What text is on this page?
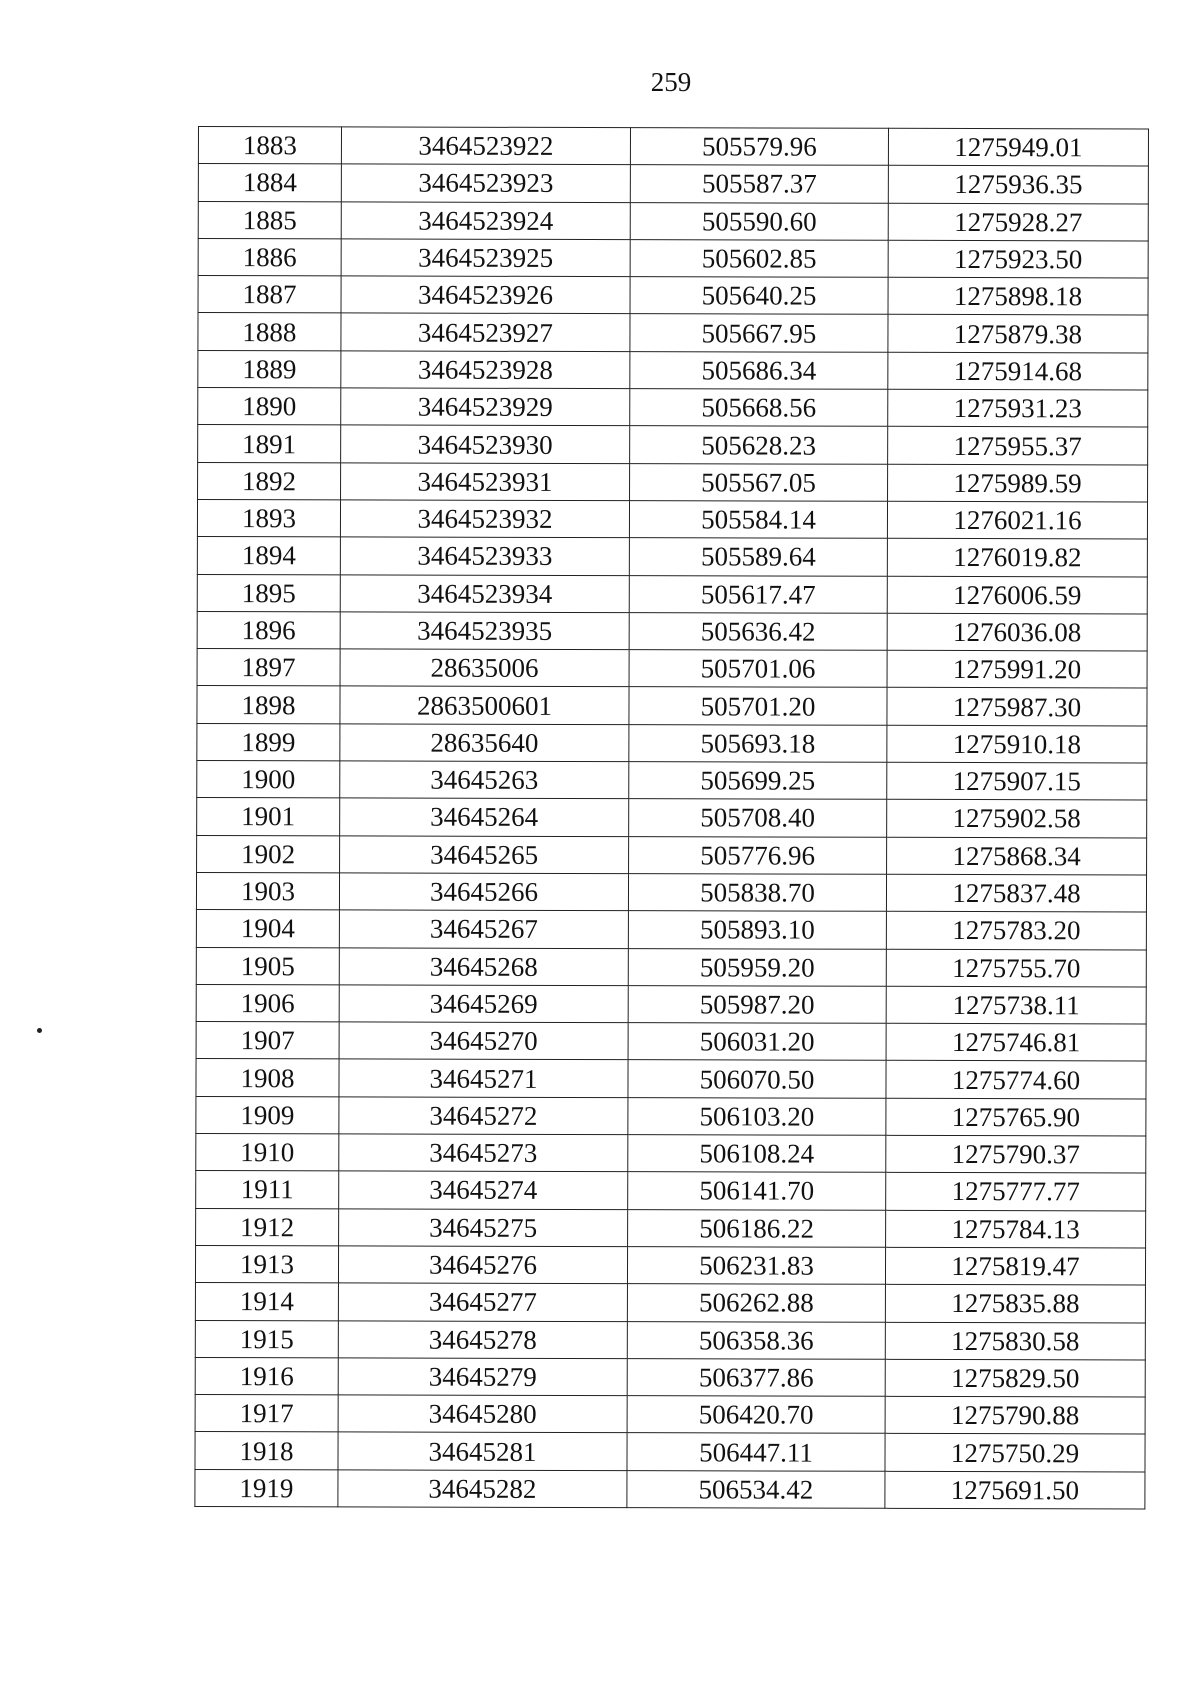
259
1883	3464523922	505579.96	1275949.01
1884	3464523923	505587.37	1275936.35
1885	3464523924	505590.60	1275928.27
1886	3464523925	505602.85	1275923.50
1887	3464523926	505640.25	1275898.18
1888	3464523927	505667.95	1275879.38
1889	3464523928	505686.34	1275914.68
1890	3464523929	505668.56	1275931.23
1891	3464523930	505628.23	1275955.37
1892	3464523931	505567.05	1275989.59
1893	3464523932	505584.14	1276021.16
1894	3464523933	505589.64	1276019.82
1895	3464523934	505617.47	1276006.59
1896	3464523935	505636.42	1276036.08
1897	28635006	505701.06	1275991.20
1898	2863500601	505701.20	1275987.30
1899	28635640	505693.18	1275910.18
1900	34645263	505699.25	1275907.15
1901	34645264	505708.40	1275902.58
1902	34645265	505776.96	1275868.34
1903	34645266	505838.70	1275837.48
1904	34645267	505893.10	1275783.20
1905	34645268	505959.20	1275755.70
1906	34645269	505987.20	1275738.11
1907	34645270	506031.20	1275746.81
1908	34645271	506070.50	1275774.60
1909	34645272	506103.20	1275765.90
1910	34645273	506108.24	1275790.37
1911	34645274	506141.70	1275777.77
1912	34645275	506186.22	1275784.13
1913	34645276	506231.83	1275819.47
1914	34645277	506262.88	1275835.88
1915	34645278	506358.36	1275830.58
1916	34645279	506377.86	1275829.50
1917	34645280	506420.70	1275790.88
1918	34645281	506447.11	1275750.29
1919	34645282	506534.42	1275691.50
